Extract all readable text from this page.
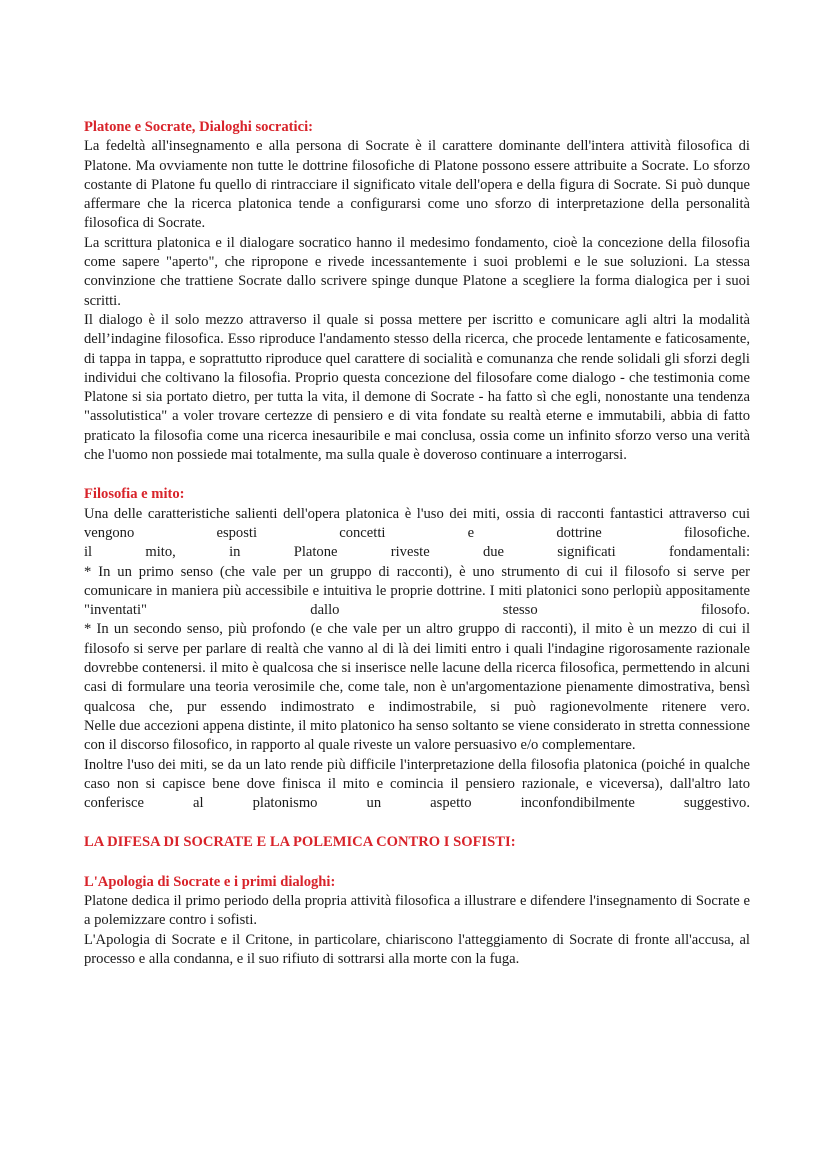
Platone e Socrate, Dialoghi socratici:

La fedeltà all'insegnamento e alla persona di Socrate è il carattere dominante dell'intera attività filosofica di Platone. Ma ovviamente non tutte le dottrine filosofiche di Platone possono essere attribuite a Socrate. Lo sforzo costante di Platone fu quello di rintracciare il significato vitale dell'opera e della figura di Socrate. Si può dunque affermare che la ricerca platonica tende a configurarsi come uno sforzo di interpretazione della personalità filosofica di Socrate.

La scrittura platonica e il dialogare socratico hanno il medesimo fondamento, cioè la concezione della filosofia come sapere "aperto", che ripropone e rivede incessantemente i suoi problemi e le sue soluzioni. La stessa convinzione che trattiene Socrate dallo scrivere spinge dunque Platone a scegliere la forma dialogica per i suoi scritti.

Il dialogo è il solo mezzo attraverso il quale si possa mettere per iscritto e comunicare agli altri la modalità dell’indagine filosofica. Esso riproduce l'andamento stesso della ricerca, che procede lentamente e faticosamente, di tappa in tappa, e soprattutto riproduce quel carattere di socialità e comunanza che rende solidali gli sforzi degli individui che coltivano la filosofia. Proprio questa concezione del filosofare come dialogo - che testimonia come Platone si sia portato dietro, per tutta la vita, il demone di Socrate - ha fatto sì che egli, nonostante una tendenza "assolutistica" a voler trovare certezze di pensiero e di vita fondate su realtà eterne e immutabili, abbia di fatto praticato la filosofia come una ricerca inesauribile e mai conclusa, ossia come un infinito sforzo verso una verità che l'uomo non possiede mai totalmente, ma sulla quale è doveroso continuare a interrogarsi.

Filosofia e mito:

Una delle caratteristiche salienti dell'opera platonica è l'uso dei miti, ossia di racconti fantastici attraverso cui vengono esposti concetti e dottrine filosofiche.

il mito, in Platone riveste due significati fondamentali:

* In un primo senso (che vale per un gruppo di racconti), è uno strumento di cui il filosofo si serve per comunicare in maniera più accessibile e intuitiva le proprie dottrine. I miti platonici sono perlopiù appositamente "inventati" dallo stesso filosofo.

* In un secondo senso, più profondo (e che vale per un altro gruppo di racconti), il mito è un mezzo di cui il filosofo si serve per parlare di realtà che vanno al di là dei limiti entro i quali l'indagine rigorosamente razionale dovrebbe contenersi. il mito è qualcosa che si inserisce nelle lacune della ricerca filosofica, permettendo in alcuni casi di formulare una teoria verosimile che, come tale, non è un'argomentazione pienamente dimostrativa, bensì qualcosa che, pur essendo indimostrato e indimostrabile, si può ragionevolmente ritenere vero.

Nelle due accezioni appena distinte, il mito platonico ha senso soltanto se viene considerato in stretta connessione con il discorso filosofico, in rapporto al quale riveste un valore persuasivo e/o complementare.

Inoltre l'uso dei miti, se da un lato rende più difficile l'interpretazione della filosofia platonica (poiché in qualche caso non si capisce bene dove finisca il mito e comincia il pensiero razionale, e viceversa), dall'altro lato conferisce al platonismo un aspetto inconfondibilmente suggestivo.

LA DIFESA DI SOCRATE E LA POLEMICA CONTRO I SOFISTI:
L'Apologia di Socrate e i primi dialoghi:

Platone dedica il primo periodo della propria attività filosofica a illustrare e difendere l'insegnamento di Socrate e a polemizzare contro i sofisti.

L'Apologia di Socrate e il Critone, in particolare, chiariscono l'atteggiamento di Socrate di fronte all'accusa, al processo e alla condanna, e il suo rifiuto di sottrarsi alla morte con la fuga.
